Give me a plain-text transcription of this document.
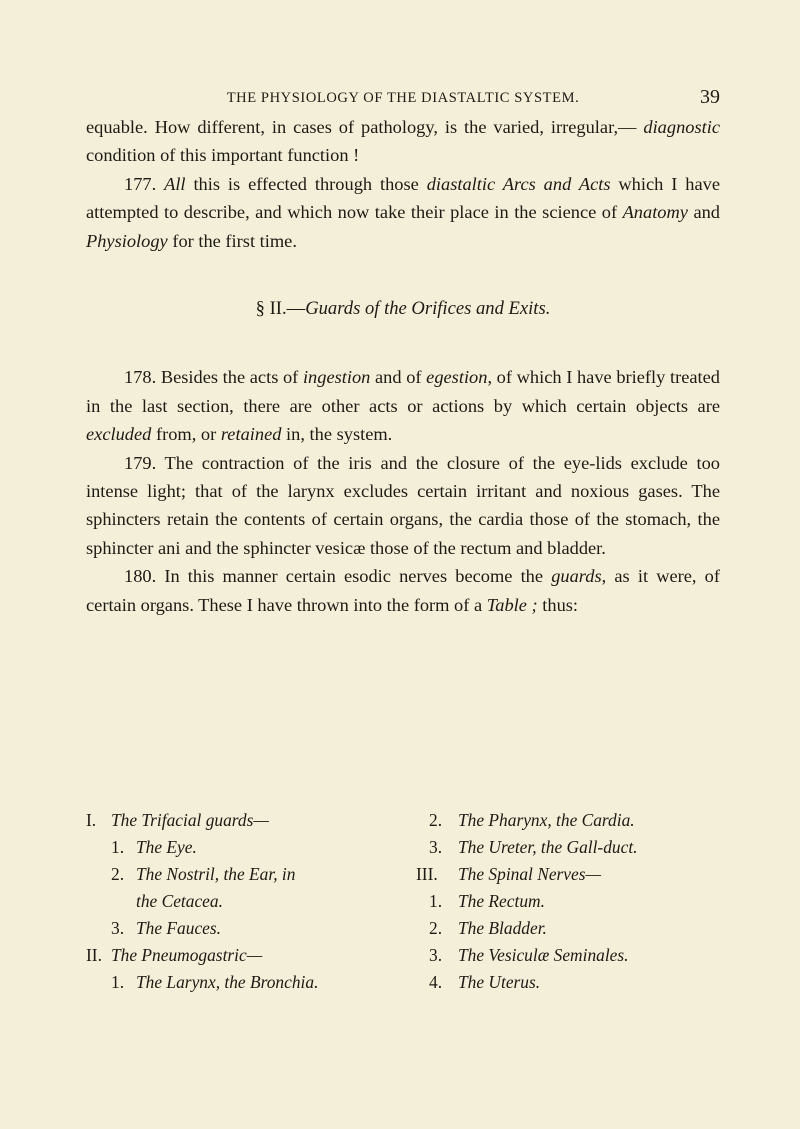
THE PHYSIOLOGY OF THE DIASTALTIC SYSTEM.	39

equable. How different, in cases of pathology, is the varied, irregular,— diagnostic condition of this important function !

177. All this is effected through those diastaltic Arcs and Acts which I have attempted to describe, and which now take their place in the science of Anatomy and Physiology for the first time.

§ II.—Guards of the Orifices and Exits.

178. Besides the acts of ingestion and of egestion, of which I have briefly treated in the last section, there are other acts or actions by which certain objects are excluded from, or retained in, the system.

179. The contraction of the iris and the closure of the eye-lids exclude too intense light; that of the larynx excludes certain irritant and noxious gases. The sphincters retain the contents of certain organs, the cardia those of the stomach, the sphincter ani and the sphincter vesicæ those of the rectum and bladder.

180. In this manner certain esodic nerves become the guards, as it were, of certain organs. These I have thrown into the form of a Table ; thus:

I. The Trifacial guards—	2. The Pharynx, the Cardia.
1. The Eye.	3. The Ureter, the Gall-duct.
2. The Nostril, the Ear, in	III. The Spinal Nerves—
the Cetacea.	1. The Rectum.
3. The Fauces.	2. The Bladder.
II. The Pneumogastric—	3. The Vesiculæ Seminales.
1. The Larynx, the Bronchia.	4. The Uterus.
